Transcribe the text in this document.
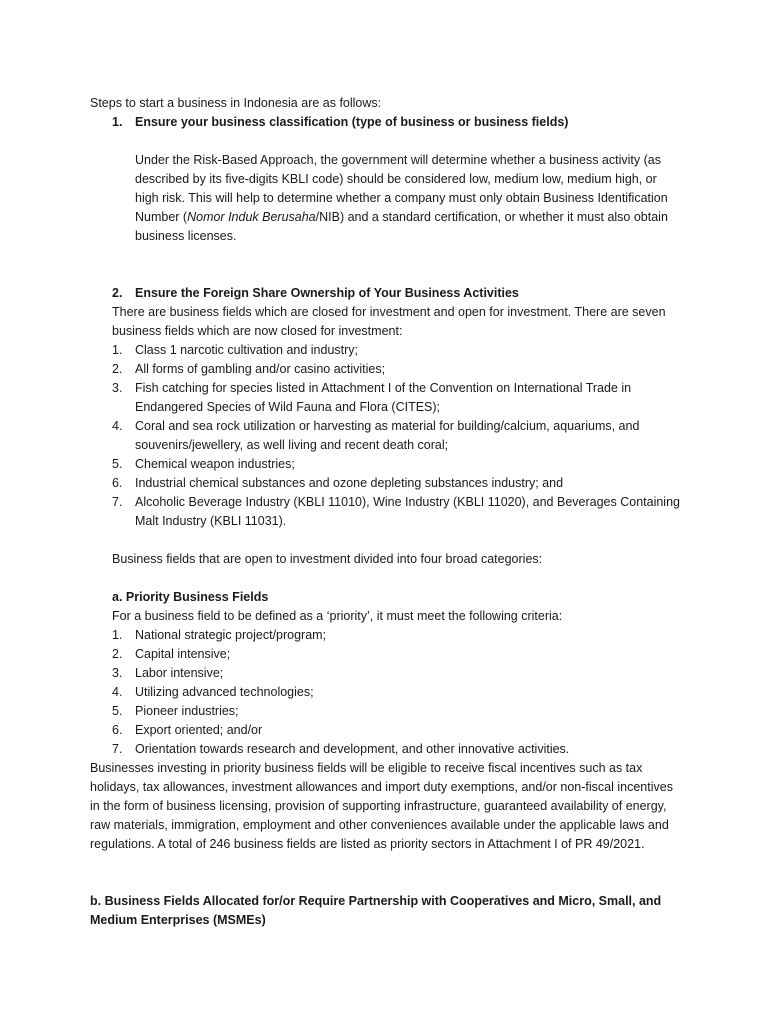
Steps to start a business in Indonesia are as follows:

1. Ensure your business classification (type of business or business fields)

Under the Risk-Based Approach, the government will determine whether a business activity (as described by its five-digits KBLI code) should be considered low, medium low, medium high, or high risk. This will help to determine whether a company must only obtain Business Identification Number (Nomor Induk Berusaha/NIB) and a standard certification, or whether it must also obtain business licenses.

2. Ensure the Foreign Share Ownership of Your Business Activities

There are business fields which are closed for investment and open for investment. There are seven business fields which are now closed for investment:

1. Class 1 narcotic cultivation and industry;
2. All forms of gambling and/or casino activities;
3. Fish catching for species listed in Attachment I of the Convention on International Trade in Endangered Species of Wild Fauna and Flora (CITES);
4. Coral and sea rock utilization or harvesting as material for building/calcium, aquariums, and souvenirs/jewellery, as well living and recent death coral;
5. Chemical weapon industries;
6. Industrial chemical substances and ozone depleting substances industry; and
7. Alcoholic Beverage Industry (KBLI 11010), Wine Industry (KBLI 11020), and Beverages Containing Malt Industry (KBLI 11031).

Business fields that are open to investment divided into four broad categories:

a. Priority Business Fields

For a business field to be defined as a ‘priority’, it must meet the following criteria:

1. National strategic project/program;
2. Capital intensive;
3. Labor intensive;
4. Utilizing advanced technologies;
5. Pioneer industries;
6. Export oriented; and/or
7. Orientation towards research and development, and other innovative activities.

Businesses investing in priority business fields will be eligible to receive fiscal incentives such as tax holidays, tax allowances, investment allowances and import duty exemptions, and/or non-fiscal incentives in the form of business licensing, provision of supporting infrastructure, guaranteed availability of energy, raw materials, immigration, employment and other conveniences available under the applicable laws and regulations. A total of 246 business fields are listed as priority sectors in Attachment I of PR 49/2021.

b. Business Fields Allocated for/or Require Partnership with Cooperatives and Micro, Small, and Medium Enterprises (MSMEs)
